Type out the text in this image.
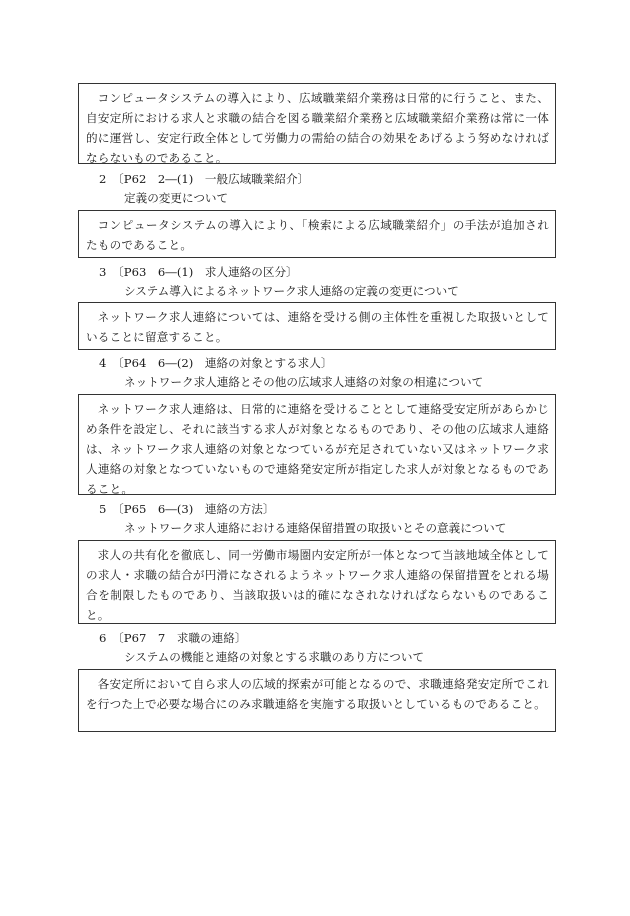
コンピュータシステムの導入により、広域職業紹介業務は日常的に行うこと、また、自安定所における求人と求職の結合を図る職業紹介業務と広域職業紹介業務は常に一体的に運営し、安定行政全体として労働力の需給の結合の効果をあげるよう努めなければならないものであること。
2　〔P62　2―(1)　一般広域職業紹介〕
定義の変更について
コンピュータシステムの導入により、「検索による広域職業紹介」の手法が追加されたものであること。
3　〔P63　6―(1)　求人連絡の区分〕
システム導入によるネットワーク求人連絡の定義の変更について
ネットワーク求人連絡については、連絡を受ける側の主体性を重視した取扱いとしていることに留意すること。
4　〔P64　6―(2)　連絡の対象とする求人〕
ネットワーク求人連絡とその他の広域求人連絡の対象の相違について
ネットワーク求人連絡は、日常的に連絡を受けることとして連絡受安定所があらかじめ条件を設定し、それに該当する求人が対象となるものであり、その他の広域求人連絡は、ネットワーク求人連絡の対象となつているが充足されていない又はネットワーク求人連絡の対象となつていないもので連絡発安定所が指定した求人が対象となるものであること。
5　〔P65　6―(3)　連絡の方法〕
ネットワーク求人連絡における連絡保留措置の取扱いとその意義について
求人の共有化を徹底し、同一労働市場圏内安定所が一体となつて当該地域全体としての求人・求職の結合が円滑になされるようネットワーク求人連絡の保留措置をとれる場合を制限したものであり、当該取扱いは的確になされなければならないものであること。
6　〔P67　7　求職の連絡〕
システムの機能と連絡の対象とする求職のあり方について
各安定所において自ら求人の広域的探索が可能となるので、求職連絡発安定所でこれを行つた上で必要な場合にのみ求職連絡を実施する取扱いとしているものであること。
